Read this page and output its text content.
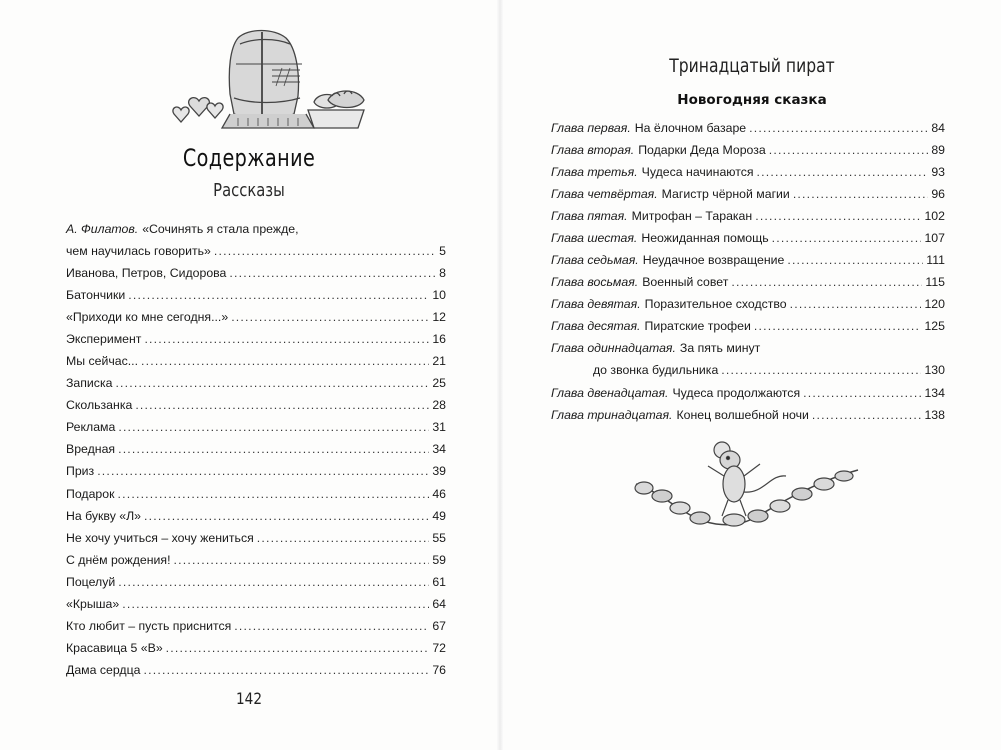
Содержание
Рассказы
А. Филатов. «Сочинять я стала прежде,
чем научилась говорить» .....	5
Иванова, Петров, Сидорова .....	8
Батончики .....	10
«Приходи ко мне сегодня...» .....	12
Эксперимент .....	16
Мы сейчас... .....	21
Записка .....	25
Скользанка .....	28
Реклама .....	31
Вредная .....	34
Приз .....	39
Подарок .....	46
На букву «Л» .....	49
Не хочу учиться – хочу жениться .....	55
С днём рождения! .....	59
Поцелуй .....	61
«Крыша» .....	64
Кто любит – пусть приснится .....	67
Красавица 5 «В» .....	72
Дама сердца .....	76
142
Тринадцатый пират
Новогодняя сказка
Глава первая. На ёлочном базаре .....	84
Глава вторая. Подарки Деда Мороза .....	89
Глава третья. Чудеса начинаются .....	93
Глава четвёртая. Магистр чёрной магии .....	96
Глава пятая. Митрофан – Таракан .....	102
Глава шестая. Неожиданная помощь .....	107
Глава седьмая. Неудачное возвращение .....	111
Глава восьмая. Военный совет .....	115
Глава девятая. Поразительное сходство .....	120
Глава десятая. Пиратские трофеи .....	125
Глава одиннадцатая. За пять минут
до звонка будильника .....	130
Глава двенадцатая. Чудеса продолжаются .....	134
Глава тринадцатая. Конец волшебной ночи .....	138
